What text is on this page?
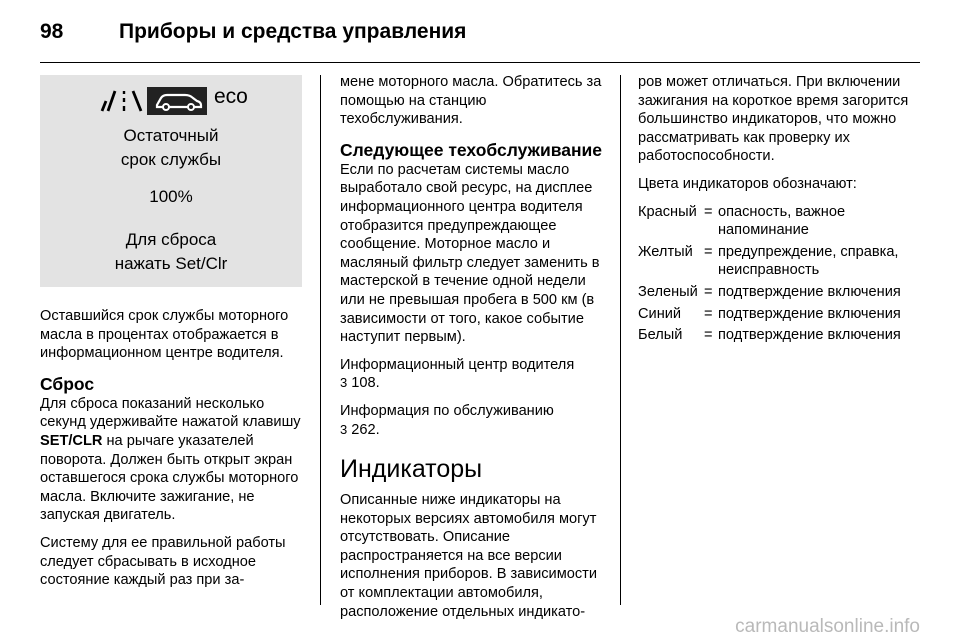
98	Приборы и средства управления
eco
Остаточный
срок службы
100%
Для сброса
нажать Set/Clr

Оставшийся срок службы моторного масла в процентах отображается в информационном центре водителя.

Сброс

Для сброса показаний несколько секунд удерживайте нажатой клавишу SET/CLR на рычаге указателей поворота. Должен быть открыт экран оставшегося срока службы моторного масла. Включите зажигание, не запуская двигатель.

Систему для ее правильной работы следует сбрасывать в исходное состояние каждый раз при за-

мене моторного масла. Обратитесь за помощью на станцию техобслуживания.

Следующее техобслуживание

Если по расчетам системы масло выработало свой ресурс, на дисплее информационного центра водителя отобразится предупреждающее сообщение. Моторное масло и масляный фильтр следует заменить в мастерской в течение одной недели или не превышая пробега в 500 км (в зависимости от того, какое событие наступит первым).

Информационный центр водителя
3 108.

Информация по обслуживанию
3 262.

Индикаторы

Описанные ниже индикаторы на некоторых версиях автомобиля могут отсутствовать. Описание распространяется на все версии исполнения приборов. В зависимости от комплектации автомобиля, расположение отдельных индикато-

ров может отличаться. При включении зажигания на короткое время загорится большинство индикаторов, что можно рассматривать как проверку их работоспособности.

Цвета индикаторов обозначают:

Красный	=	опасность, важное напоминание
Желтый	=	предупреждение, справка, неисправность
Зеленый	=	подтверждение включения
Синий	=	подтверждение включения
Белый	=	подтверждение включения
carmanualsonline.info
